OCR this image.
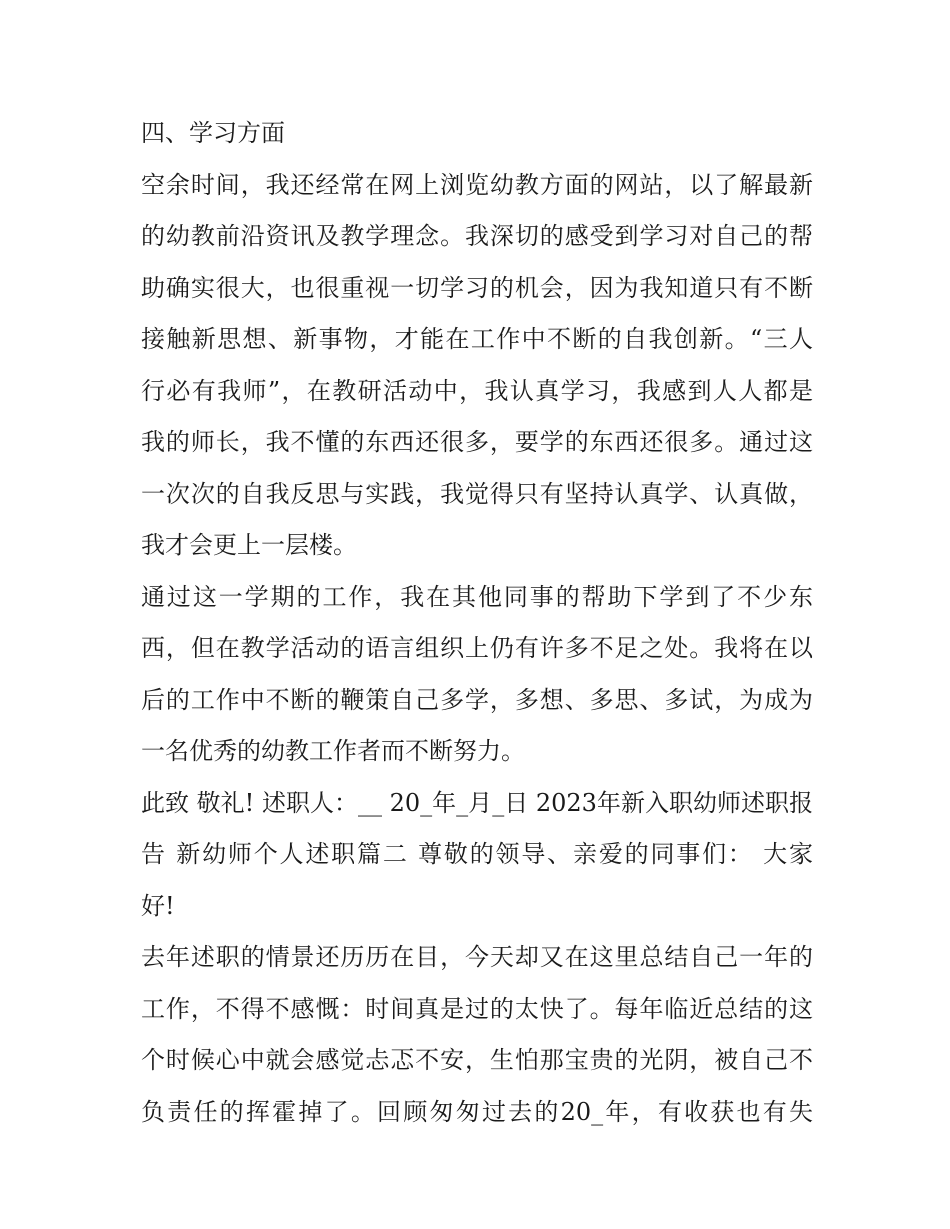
四、学习方面
空余时间，我还经常在网上浏览幼教方面的网站，以了解最新
的幼教前沿资讯及教学理念。我深切的感受到学习对自己的帮
助确实很大，也很重视一切学习的机会，因为我知道只有不断
接触新思想、新事物，才能在工作中不断的自我创新。“三人
行必有我师”，在教研活动中，我认真学习，我感到人人都是
我的师长，我不懂的东西还很多，要学的东西还很多。通过这
一次次的自我反思与实践，我觉得只有坚持认真学、认真做，
我才会更上一层楼。
通过这一学期的工作，我在其他同事的帮助下学到了不少东
西，但在教学活动的语言组织上仍有许多不足之处。我将在以
后的工作中不断的鞭策自己多学，多想、多思、多试，为成为
一名优秀的幼教工作者而不断努力。
此致 敬礼! 述职人：__ 20_年_月_日 2023年新入职幼师述职报
告 新幼师个人述职篇二 尊敬的领导、亲爱的同事们： 大家
好!
去年述职的情景还历历在目，今天却又在这里总结自己一年的
工作，不得不感慨：时间真是过的太快了。每年临近总结的这
个时候心中就会感觉忐忑不安，生怕那宝贵的光阴，被自己不
负责任的挥霍掉了。回顾匆匆过去的20_年，有收获也有失
